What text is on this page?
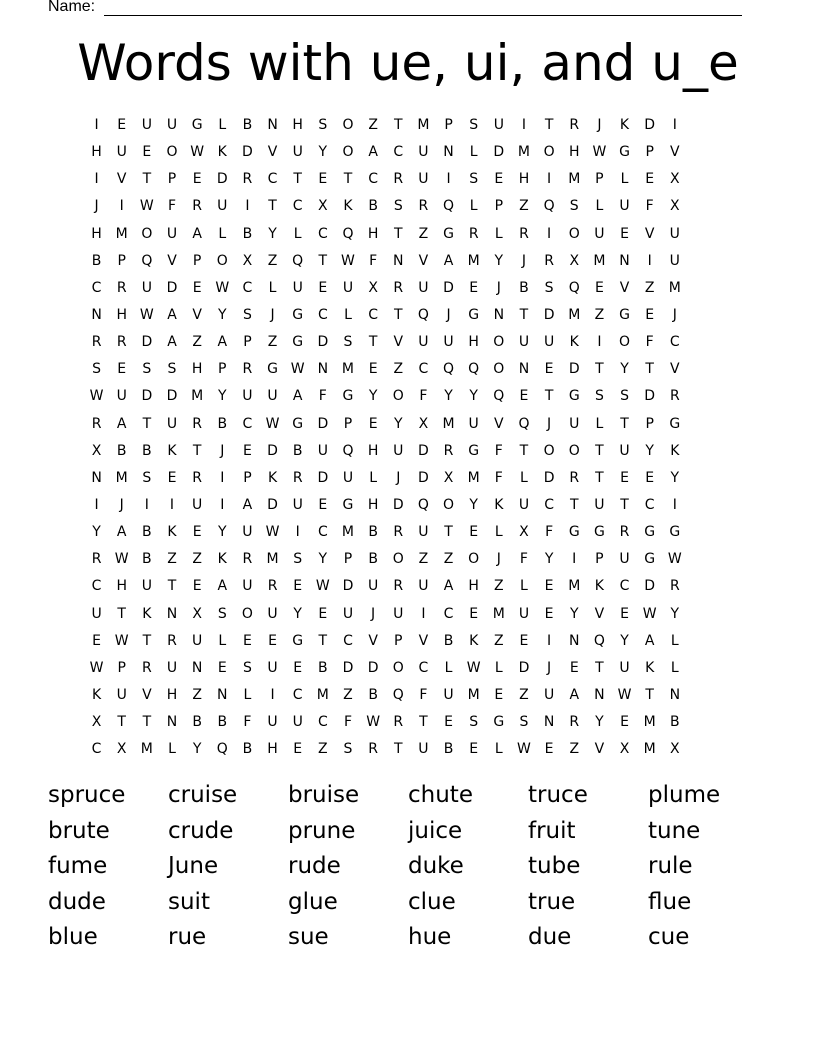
Name:
Words with ue, ui, and u_e
I	E	U	U	G	L	B	N	H	S	O	Z	T	M	P	S	U	I	T	R	J	K	D	I
H	U	E	O W K	D	V	U	Y	O	A	C	U	N	L	D M O	H W G	P	V
I	V	T	P	E	D	R	C	T	E	T	C	R	U	I	S	E	H	I	M	P	L	E	X
J	I	W	F	R	U	I	T	C	X	K	B	S	R	Q	L	P	Z	Q	S	L	U	F	X
H M O	U	A	L	B	Y	L	C	Q	H	T	Z	G	R	L	R	I	O	U	E	V	U
B	P	Q	V	P	O	X	Z	Q	T W	F	N	V	A	M	Y	J	R	X	M N	I	U
C	R	U	D	E W C	L	U	E	U	X	R	U	D	E	J	B	S	Q	E	V	Z	M
N	H W A	V	Y	S	J	G	C	L	C	T	Q	J	G	N	T	D M	Z	G	E	J
R	R	D	A	Z	A	P	Z	G	D	S	T	V	U	U	H	O	U	U	K	I	O	F	C
S	E	S	S	H	P	R	G W N M	E	Z	C	Q	Q	O	N	E	D	T	Y	T	V
W U	D	D M	Y	U	U	A	F	G	Y	O	F	Y	Y	Q	E	T	G	S	S	D	R
R	A	T	U	R	B	C W G	D	P	E	Y	X	M U	V	Q	J	U	L	T	P	G
X	B	B	K	T	J	E	D	B	U	Q	H	U	D	R	G	F	T	O	O	T	U	Y	K
N M	S	E	R	I	P	K	R	D	U	L	J	D	X	M	F	L	D	R	T	E	E	Y
I	J	I	I	U	I	A	D	U	E	G	H	D	Q	O	Y	K	U	C	T	U	T	C	I
Y	A	B	K	E	Y	U W	I	C	M	B	R	U	T	E	L	X	F	G	G	R	G	G
R W B	Z	Z	K	R	M	S	Y	P	B	O	Z	Z	O	J	F	Y	I	P	U	G W
C	H	U	T	E	A	U	R	E W D	U	R	U	A	H	Z	L	E	M	K	C	D	R
U	T	K	N	X	S	O	U	Y	E	U	J	U	I	C	E	M U	E	Y	V	E W Y
E W T	R	U	L	E	E	G	T	C	V	P	V	B	K	Z	E	I	N	Q	Y	A	L
W	P	R	U	N	E	S	U	E	B	D	D	O	C	L	W	L	D	J	E	T	U	K	L
K	U	V	H	Z	N	L	I	C	M	Z	B	Q	F	U M	E	Z	U	A	N W T	N
X	T	T	N	B	B	F	U	U	C	F	W R	T	E	S	G	S	N	R	Y	E	M	B
C	X	M	L	Y	Q	B	H	E	Z	S	R	T	U	B	E	L	W E	Z	V	X	M	X
spruce	cruise	bruise	chute	truce	plume
brute	crude	prune	juice	fruit	tune
fume	June	rude	duke	tube	rule
dude	suit	glue	clue	true	flue
blue	rue	sue	hue	due	cue
